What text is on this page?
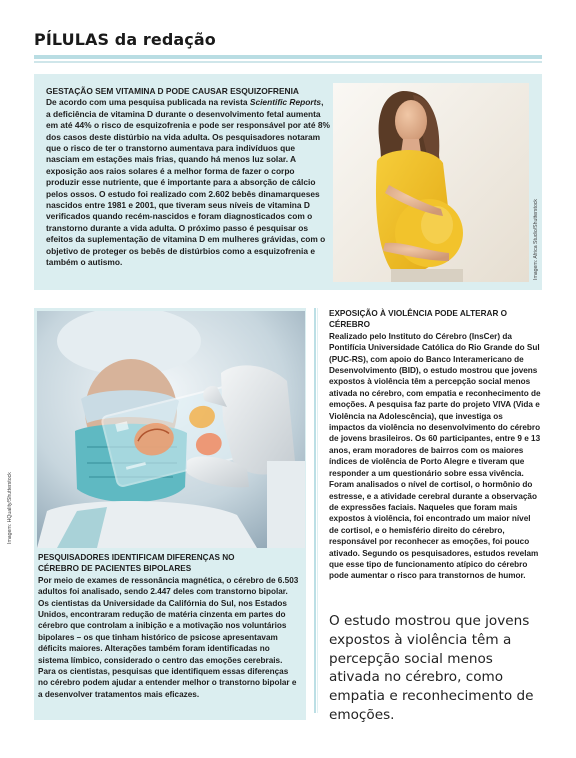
PÍLULAS da redação
GESTAÇÃO SEM VITAMINA D PODE CAUSAR ESQUIZOFRENIA
De acordo com uma pesquisa publicada na revista Scientific Reports, a deficiência de vitamina D durante o desenvolvimento fetal aumenta em até 44% o risco de esquizofrenia e pode ser responsável por até 8% dos casos deste distúrbio na vida adulta. Os pesquisadores notaram que o risco de ter o transtorno aumentava para indivíduos que nasciam em estações mais frias, quando há menos luz solar. A exposição aos raios solares é a melhor forma de fazer o corpo produzir esse nutriente, que é importante para a absorção de cálcio pelos ossos. O estudo foi realizado com 2.602 bebês dinamarqueses nascidos entre 1981 e 2001, que tiveram seus níveis de vitamina D verificados quando recém-nascidos e foram diagnosticados com o transtorno durante a vida adulta. O próximo passo é pesquisar os efeitos da suplementação de vitamina D em mulheres grávidas, com o objetivo de proteger os bebês de distúrbios como a esquizofrenia e também o autismo.	Imagem: Africa Studio/Shutterstock
Imagem: HQuality/Shutterstock
PESQUISADORES IDENTIFICAM DIFERENÇAS NO
CÉREBRO DE PACIENTES BIPOLARES
Por meio de exames de ressonância magnética, o cérebro de 6.503 adultos foi analisado, sendo 2.447 deles com transtorno bipolar. Os cientistas da Universidade da Califórnia do Sul, nos Estados Unidos, encontraram redução de matéria cinzenta em partes do cérebro que controlam a inibição e a motivação nos voluntários bipolares – os que tinham histórico de psicose apresentavam déficits maiores. Alterações também foram identificadas no sistema límbico, considerado o centro das emoções cerebrais. Para os cientistas, pesquisas que identifiquem essas diferenças no cérebro podem ajudar a entender melhor o transtorno bipolar e a desenvolver tratamentos mais eficazes.
EXPOSIÇÃO À VIOLÊNCIA PODE ALTERAR O CÉREBRO
Realizado pelo Instituto do Cérebro (InsCer) da Pontifícia Universidade Católica do Rio Grande do Sul (PUC-RS), com apoio do Banco Interamericano de Desenvolvimento (BID), o estudo mostrou que jovens expostos à violência têm a percepção social menos ativada no cérebro, com empatia e reconhecimento de emoções. A pesquisa faz parte do projeto VIVA (Vida e Violência na Adolescência), que investiga os impactos da violência no desenvolvimento do cérebro de jovens brasileiros. Os 60 participantes, entre 9 e 13 anos, eram moradores de bairros com os maiores índices de violência de Porto Alegre e tiveram que responder a um questionário sobre essa vivência. Foram analisados o nível de cortisol, o hormônio do estresse, e a atividade cerebral durante a observação de expressões faciais. Naqueles que foram mais expostos à violência, foi encontrado um maior nível de cortisol, e o hemisfério direito do cérebro, responsável por reconhecer as emoções, foi pouco ativado. Segundo os pesquisadores, estudos revelam que esse tipo de funcionamento atípico do cérebro pode aumentar o risco para transtornos de humor.
O estudo mostrou que jovens expostos à violência têm a percepção social menos ativada no cérebro, como empatia e reconhecimento de emoções.
